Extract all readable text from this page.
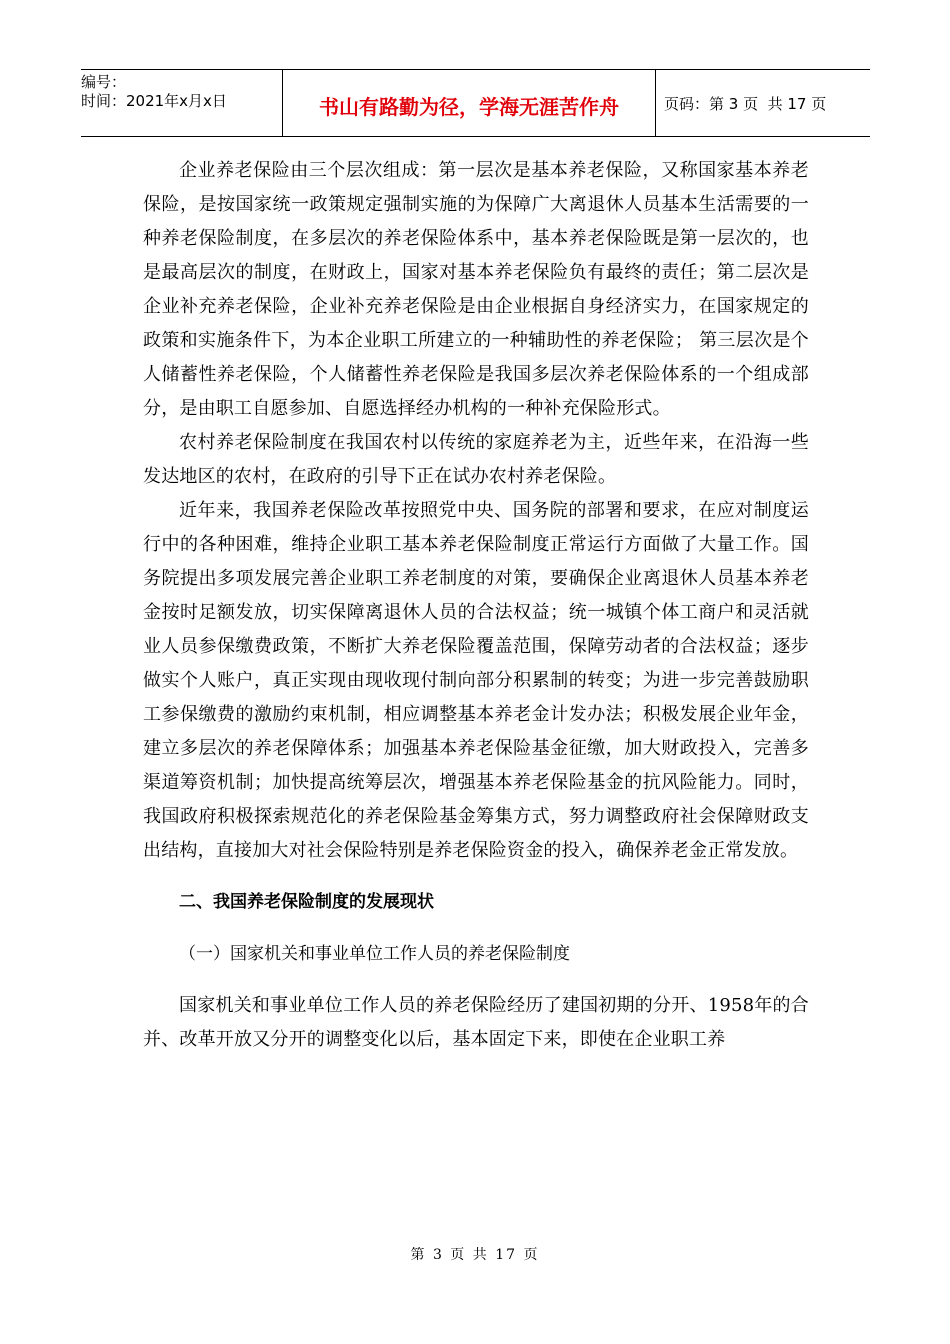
编号：
时间：2021年x月x日	书山有路勤为径，学海无涯苦作舟	页码：第 3 页  共 17 页

企业养老保险由三个层次组成：第一层次是基本养老保险，又称国家基本养老保险，是按国家统一政策规定强制实施的为保障广大离退休人员基本生活需要的一种养老保险制度，在多层次的养老保险体系中，基本养老保险既是第一层次的，也是最高层次的制度，在财政上，国家对基本养老保险负有最终的责任；第二层次是企业补充养老保险，企业补充养老保险是由企业根据自身经济实力，在国家规定的政策和实施条件下，为本企业职工所建立的一种辅助性的养老保险； 第三层次是个人储蓄性养老保险，个人储蓄性养老保险是我国多层次养老保险体系的一个组成部分，是由职工自愿参加、自愿选择经办机构的一种补充保险形式。

农村养老保险制度在我国农村以传统的家庭养老为主，近些年来，在沿海一些发达地区的农村，在政府的引导下正在试办农村养老保险。

近年来，我国养老保险改革按照党中央、国务院的部署和要求，在应对制度运行中的各种困难，维持企业职工基本养老保险制度正常运行方面做了大量工作。国务院提出多项发展完善企业职工养老制度的对策，要确保企业离退休人员基本养老金按时足额发放，切实保障离退休人员的合法权益；统一城镇个体工商户和灵活就业人员参保缴费政策，不断扩大养老保险覆盖范围，保障劳动者的合法权益；逐步做实个人账户，真正实现由现收现付制向部分积累制的转变；为进一步完善鼓励职工参保缴费的激励约束机制，相应调整基本养老金计发办法；积极发展企业年金，建立多层次的养老保障体系；加强基本养老保险基金征缴，加大财政投入，完善多渠道筹资机制；加快提高统筹层次，增强基本养老保险基金的抗风险能力。同时，我国政府积极探索规范化的养老保险基金筹集方式，努力调整政府社会保障财政支出结构，直接加大对社会保险特别是养老保险资金的投入，确保养老金正常发放。

二、我国养老保险制度的发展现状

（一）国家机关和事业单位工作人员的养老保险制度

国家机关和事业单位工作人员的养老保险经历了建国初期的分开、1958年的合并、改革开放又分开的调整变化以后，基本固定下来，即使在企业职工养

第 3 页 共 17 页
